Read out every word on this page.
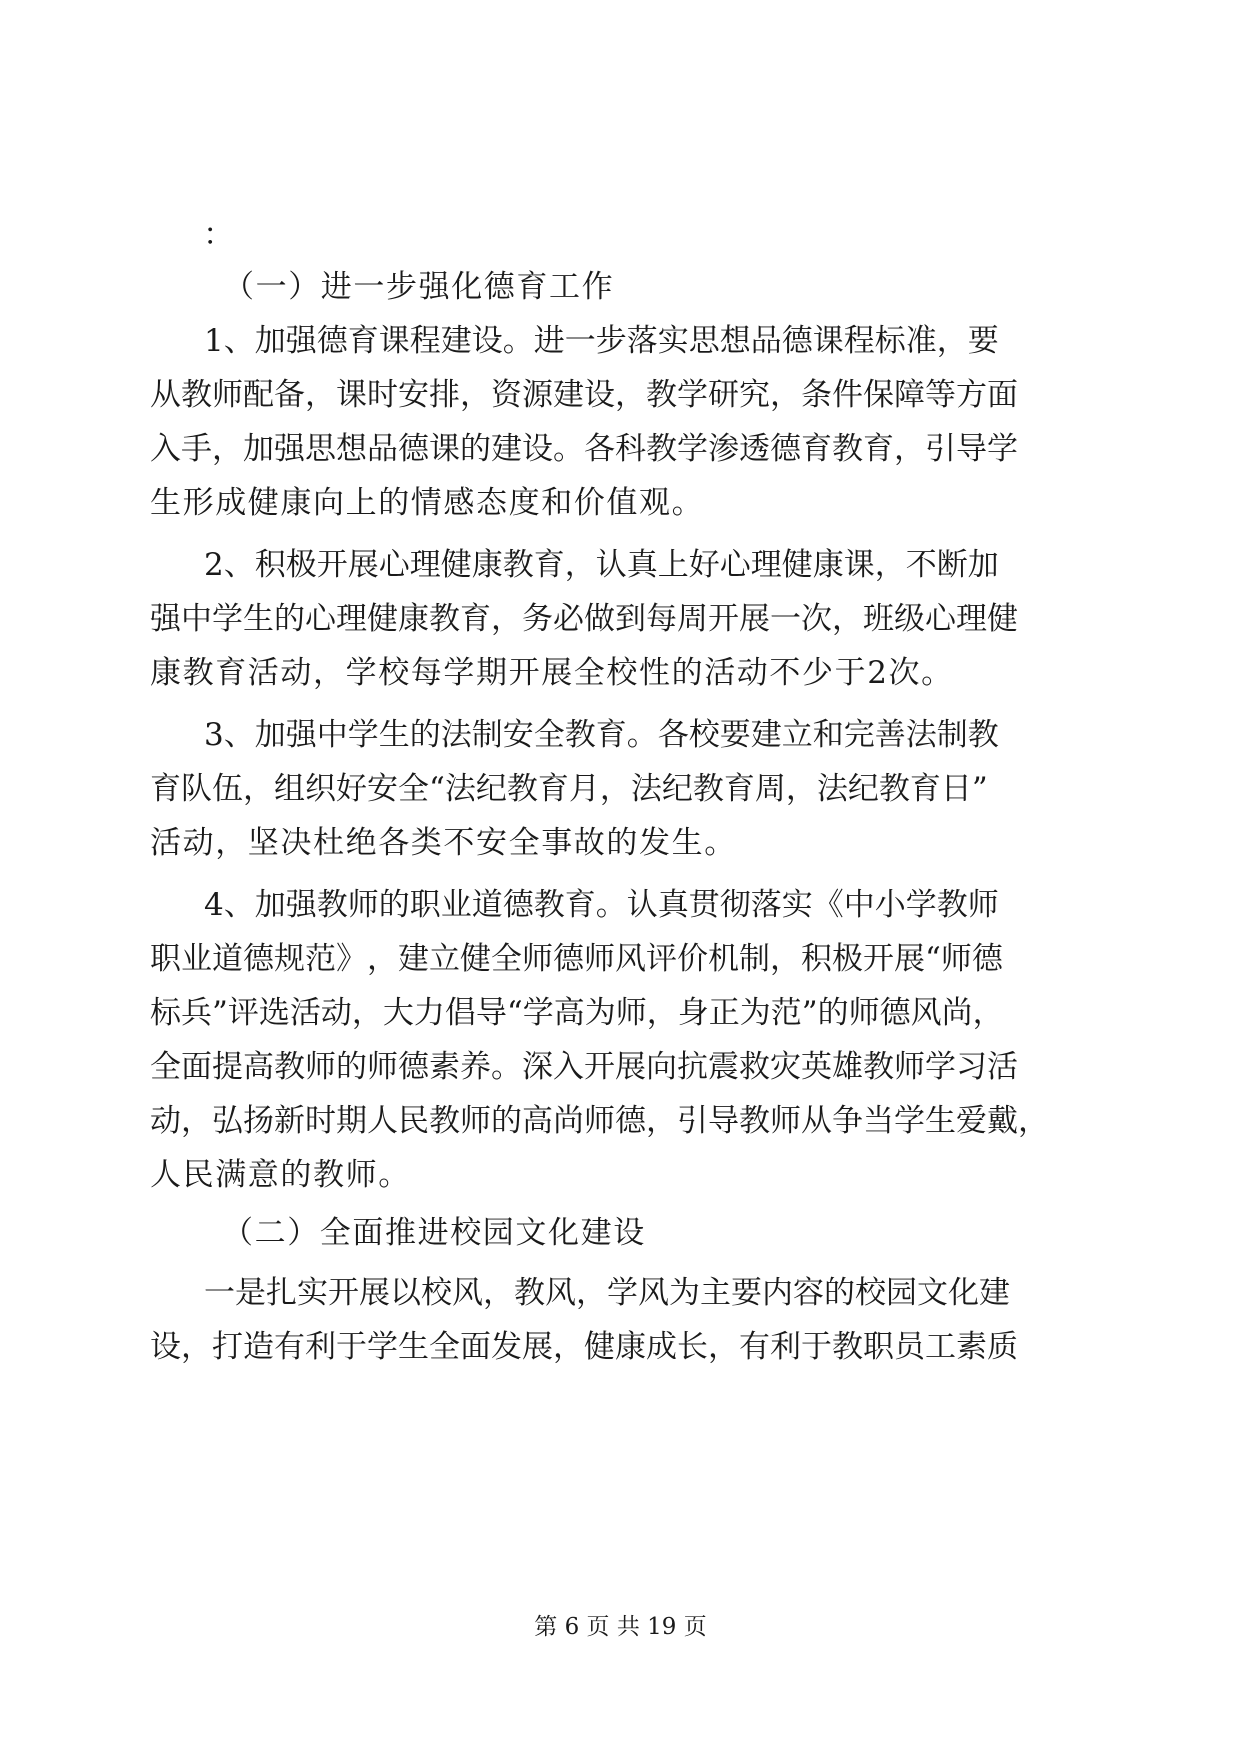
：
（一）进一步强化德育工作
1 、 加 强 德 育 课 程 建 设 。 进 一 步 落 实 思 想 品 德 课 程 标 准 ， 要
从 教 师 配 备 ， 课 时 安 排 ， 资 源 建 设 ， 教 学 研 究 ， 条 件 保 障 等 方 面
入 手 ， 加 强 思 想 品 德 课 的 建 设 。 各 科 教 学 渗 透 德 育 教 育 ， 引 导 学
生形成健康向上的情感态度和价值观。
2 、 积 极 开 展 心 理 健 康 教 育 ， 认 真 上 好 心 理 健 康 课 ， 不 断 加
强 中 学 生 的 心 理 健 康 教 育 ， 务 必 做 到 每 周 开 展 一 次 ， 班 级 心 理 健
康教育活动，学校每学期开展全校性的活动不少于2次。
3 、 加 强 中 学 生 的 法 制 安 全 教 育 。 各 校 要 建 立 和 完 善 法 制 教
育 队 伍 ， 组 织 好 安 全 “ 法 纪 教 育 月 ， 法 纪 教 育 周 ， 法 纪 教 育 日 ”
活动，坚决杜绝各类不安全事故的发生。
4 、 加 强 教 师 的 职 业 道 德 教 育 。 认 真 贯 彻 落 实 《 中 小 学 教 师
职 业 道 德 规 范 》 ， 建 立 健 全 师 德 师 风 评 价 机 制 ， 积 极 开 展 “ 师 德
标 兵 ” 评 选 活 动 ， 大 力 倡 导 “ 学 高 为 师 ， 身 正 为 范 ” 的 师 德 风 尚 ，
全 面 提 高 教 师 的 师 德 素 养 。 深 入 开 展 向 抗 震 救 灾 英 雄 教 师 学 习 活
动 ， 弘 扬 新 时 期 人 民 教 师 的 高 尚 师 德 ， 引 导 教 师 从 争 当 学 生 爱 戴 ，
人民满意的教师。
（二）全面推进校园文化建设
一 是 扎 实 开 展 以 校 风 ， 教 风 ， 学 风 为 主 要 内 容 的 校 园 文 化 建
设 ， 打 造 有 利 于 学 生 全 面 发 展 ， 健 康 成 长 ， 有 利 于 教 职 员 工 素 质
第 6 页 共 19 页
